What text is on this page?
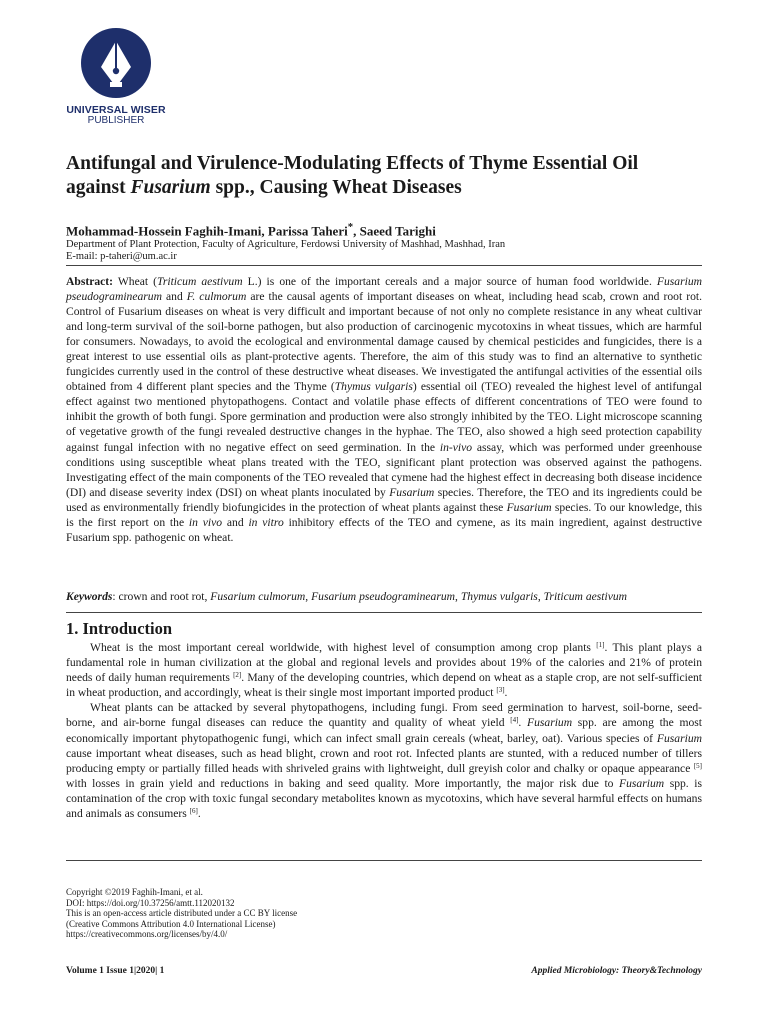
UNIVERSAL WISER
PUBLISHER
Antifungal and Virulence-Modulating Effects of Thyme Essential Oil
against Fusarium spp., Causing Wheat Diseases
Mohammad-Hossein Faghih-Imani, Parissa Taheri*, Saeed Tarighi
Department of Plant Protection, Faculty of Agriculture, Ferdowsi University of Mashhad, Mashhad, Iran
E-mail: p-taheri@um.ac.ir

Abstract: Wheat (Triticum aestivum L.) is one of the important cereals and a major source of human food worldwide. Fusarium pseudograminearum and F. culmorum are the causal agents of important diseases on wheat, including head scab, crown and root rot. Control of Fusarium diseases on wheat is very difficult and important because of not only no complete resistance in any wheat cultivar and long-term survival of the soil-borne pathogen, but also production of carcinogenic mycotoxins in wheat tissues, which are harmful for consumers. Nowadays, to avoid the ecological and environmental damage caused by chemical pesticides and fungicides, there is a great interest to use essential oils as plant-protective agents. Therefore, the aim of this study was to find an alternative to synthetic fungicides currently used in the control of these destructive wheat diseases. We investigated the antifungal activities of the essential oils obtained from 4 different plant species and the Thyme (Thymus vulgaris) essential oil (TEO) revealed the highest level of antifungal effect against two mentioned phytopathogens. Contact and volatile phase effects of different concentrations of TEO were found to inhibit the growth of both fungi. Spore germination and production were also strongly inhibited by the TEO. Light microscope scanning of vegetative growth of the fungi revealed destructive changes in the hyphae. The TEO, also showed a high seed protection capability against fungal infection with no negative effect on seed germination. In the in-vivo assay, which was performed under greenhouse conditions using susceptible wheat plans treated with the TEO, significant plant protection was observed against the pathogens. Investigating effect of the main components of the TEO revealed that cymene had the highest effect in decreasing both disease incidence (DI) and disease severity index (DSI) on wheat plants inoculated by Fusarium species. Therefore, the TEO and its ingredients could be used as environmentally friendly biofungicides in the protection of wheat plants against these Fusarium species. To our knowledge, this is the first report on the in vivo and in vitro inhibitory effects of the TEO and cymene, as its main ingredient, against destructive Fusarium spp. pathogenic on wheat.

Keywords: crown and root rot, Fusarium culmorum, Fusarium pseudograminearum, Thymus vulgaris, Triticum aestivum

1. Introduction

Wheat is the most important cereal worldwide, with highest level of consumption among crop plants [1]. This plant plays a fundamental role in human civilization at the global and regional levels and provides about 19% of the calories and 21% of protein needs of daily human requirements [2]. Many of the developing countries, which depend on wheat as a staple crop, are not self-sufficient in wheat production, and accordingly, wheat is their single most important imported product [3].

Wheat plants can be attacked by several phytopathogens, including fungi. From seed germination to harvest, soil-borne, seed-borne, and air-borne fungal diseases can reduce the quantity and quality of wheat yield [4]. Fusarium spp. are among the most economically important phytopathogenic fungi, which can infect small grain cereals (wheat, barley, oat). Various species of Fusarium cause important wheat diseases, such as head blight, crown and root rot. Infected plants are stunted, with a reduced number of tillers producing empty or partially filled heads with shriveled grains with lightweight, dull greyish color and chalky or opaque appearance [5] with losses in grain yield and reductions in baking and seed quality. More importantly, the major risk due to Fusarium spp. is contamination of the crop with toxic fungal secondary metabolites known as mycotoxins, which have several harmful effects on humans and animals as consumers [6].

Copyright ©2019 Faghih-Imani, et al.
DOI: https://doi.org/10.37256/amtt.112020132
This is an open-access article distributed under a CC BY license
(Creative Commons Attribution 4.0 International License)
https://creativecommons.org/licenses/by/4.0/
Volume 1 Issue 1|2020| 1	Applied Microbiology: Theory&Technology
